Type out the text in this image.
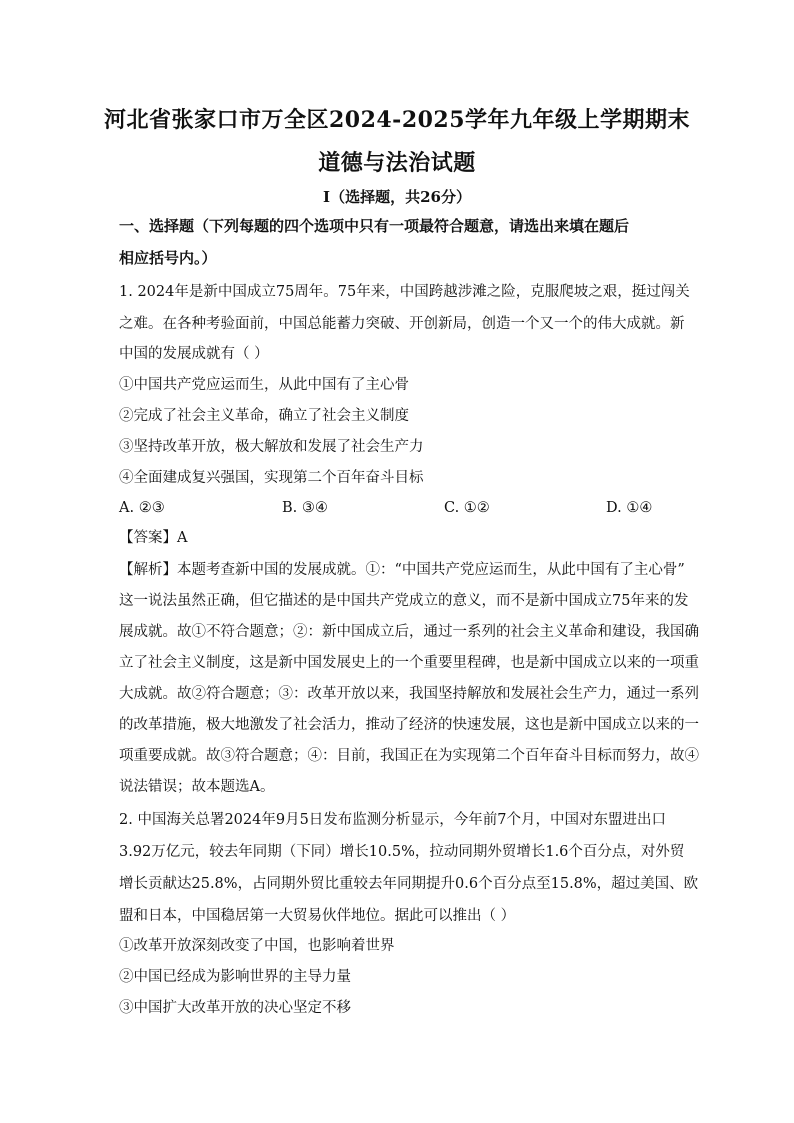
河北省张家口市万全区2024-2025学年九年级上学期期末
道德与法治试题
I（选择题，共26分）
一、选择题（下列每题的四个选项中只有一项最符合题意，请选出来填在题后
相应括号内。）
1. 2024年是新中国成立75周年。75年来，中国跨越涉滩之险，克服爬坡之艰，挺过闯关
之难。在各种考验面前，中国总能蓄力突破、开创新局，创造一个又一个的伟大成就。新
中国的发展成就有（ ）
①中国共产党应运而生，从此中国有了主心骨
②完成了社会主义革命，确立了社会主义制度
③坚持改革开放，极大解放和发展了社会生产力
④全面建成复兴强国，实现第二个百年奋斗目标
A. ②③	B. ③④	C. ①②	D. ①④
【答案】A
【解析】本题考查新中国的发展成就。①：“中国共产党应运而生，从此中国有了主心骨”
这一说法虽然正确，但它描述的是中国共产党成立的意义，而不是新中国成立75年来的发
展成就。故①不符合题意；②：新中国成立后，通过一系列的社会主义革命和建设，我国确
立了社会主义制度，这是新中国发展史上的一个重要里程碑，也是新中国成立以来的一项重
大成就。故②符合题意；③：改革开放以来，我国坚持解放和发展社会生产力，通过一系列
的改革措施，极大地激发了社会活力，推动了经济的快速发展，这也是新中国成立以来的一
项重要成就。故③符合题意；④：目前，我国正在为实现第二个百年奋斗目标而努力，故④
说法错误；故本题选A。
2. 中国海关总署2024年9月5日发布监测分析显示，今年前7个月，中国对东盟进出口
3.92万亿元，较去年同期（下同）增长10.5%，拉动同期外贸增长1.6个百分点，对外贸
增长贡献达25.8%，占同期外贸比重较去年同期提升0.6个百分点至15.8%，超过美国、欧
盟和日本，中国稳居第一大贸易伙伴地位。据此可以推出（ ）
①改革开放深刻改变了中国，也影响着世界
②中国已经成为影响世界的主导力量
③中国扩大改革开放的决心坚定不移
